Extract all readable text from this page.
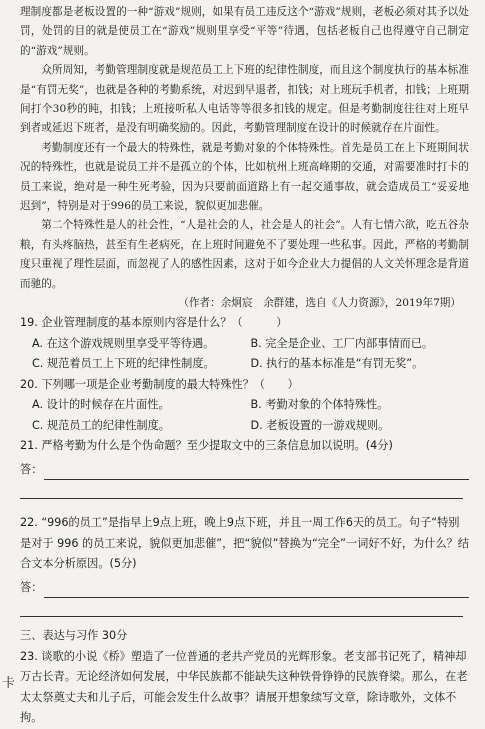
理制度都是老板设置的一种“游戏”规则，如果有员工违反这个“游戏”规则，老板必须对其予以处罚，处罚的目的就是使员工在“游戏”规则里享受“平等”待遇，包括老板自己也得遵守自己制定的“游戏”规则。

众所周知，考勤管理制度就是规范员工上下班的纪律性制度，而且这个制度执行的基本标准是“有罚无奖”，也就是各种的考勤系统，对迟到早退者，扣钱；对上班玩手机者，扣钱；上班期间打个30秒的盹，扣钱；上班接听私人电话等等很多扣钱的规定。但是考勤制度往往对上班早到者或延迟下班者，是没有明确奖励的。因此，考勤管理制度在设计的时候就存在片面性。

考勤制度还有一个最大的特殊性，就是考勤对象的个体特殊性。首先是员工在上下班期间状况的特殊性，也就是说员工并不是孤立的个体，比如杭州上班高峰期的交通，对需要准时打卡的员工来说，绝对是一种生死考验，因为只要前面道路上有一起交通事故，就会造成员工“妥妥地迟到”，特别是对于996的员工来说，貌似更加悲催。

第二个特殊性是人的社会性，“人是社会的人，社会是人的社会”。人有七情六欲，吃五谷杂粮，有头疼脑热，甚至有生老病死，在上班时间避免不了要处理一些私事。因此，严格的考勤制度只重视了理性层面，而忽视了人的感性因素，这对于如今企业大力提倡的人文关怀理念是背道而驰的。

（作者：余炯宸　余群建，选自《人力资源》，2019年7期）

19. 企业管理制度的基本原则内容是什么？（　　　）

A. 在这个游戏规则里享受平等待遇。	B. 完全是企业、工厂内部事情而已。

C. 规范着员工上下班的纪律性制度。	D. 执行的基本标准是“有罚无奖”。

20. 下列哪一项是企业考勤制度的最大特殊性？（　　）

A. 设计的时候存在片面性。	B. 考勤对象的个体特殊性。

C. 规范员工的纪律性制度。	D. 老板设置的一游戏规则。

21. 严格考勤为什么是个伪命题？至少提取文中的三条信息加以说明。(4分)

答：

22. “996的员工”是指早上9点上班，晚上9点下班，并且一周工作6天的员工。句子“特别是对于 996 的员工来说，貌似更加悲催”，把“貌似”替换为“完全”一词好不好，为什么？结合文本分析原因。(5分)

答：

三、表达与习作 30分

23. 谈歌的小说《桥》塑造了一位普通的老共产党员的光辉形象。老支部书记死了，精神却万古长青。无论经济如何发展，中华民族都不能缺失这种铁骨铮铮的民族脊梁。那么，在老太太祭奠丈夫和儿子后，可能会发生什么故事？请展开想象续写文章，除诗歌外，文体不拘。

卡
